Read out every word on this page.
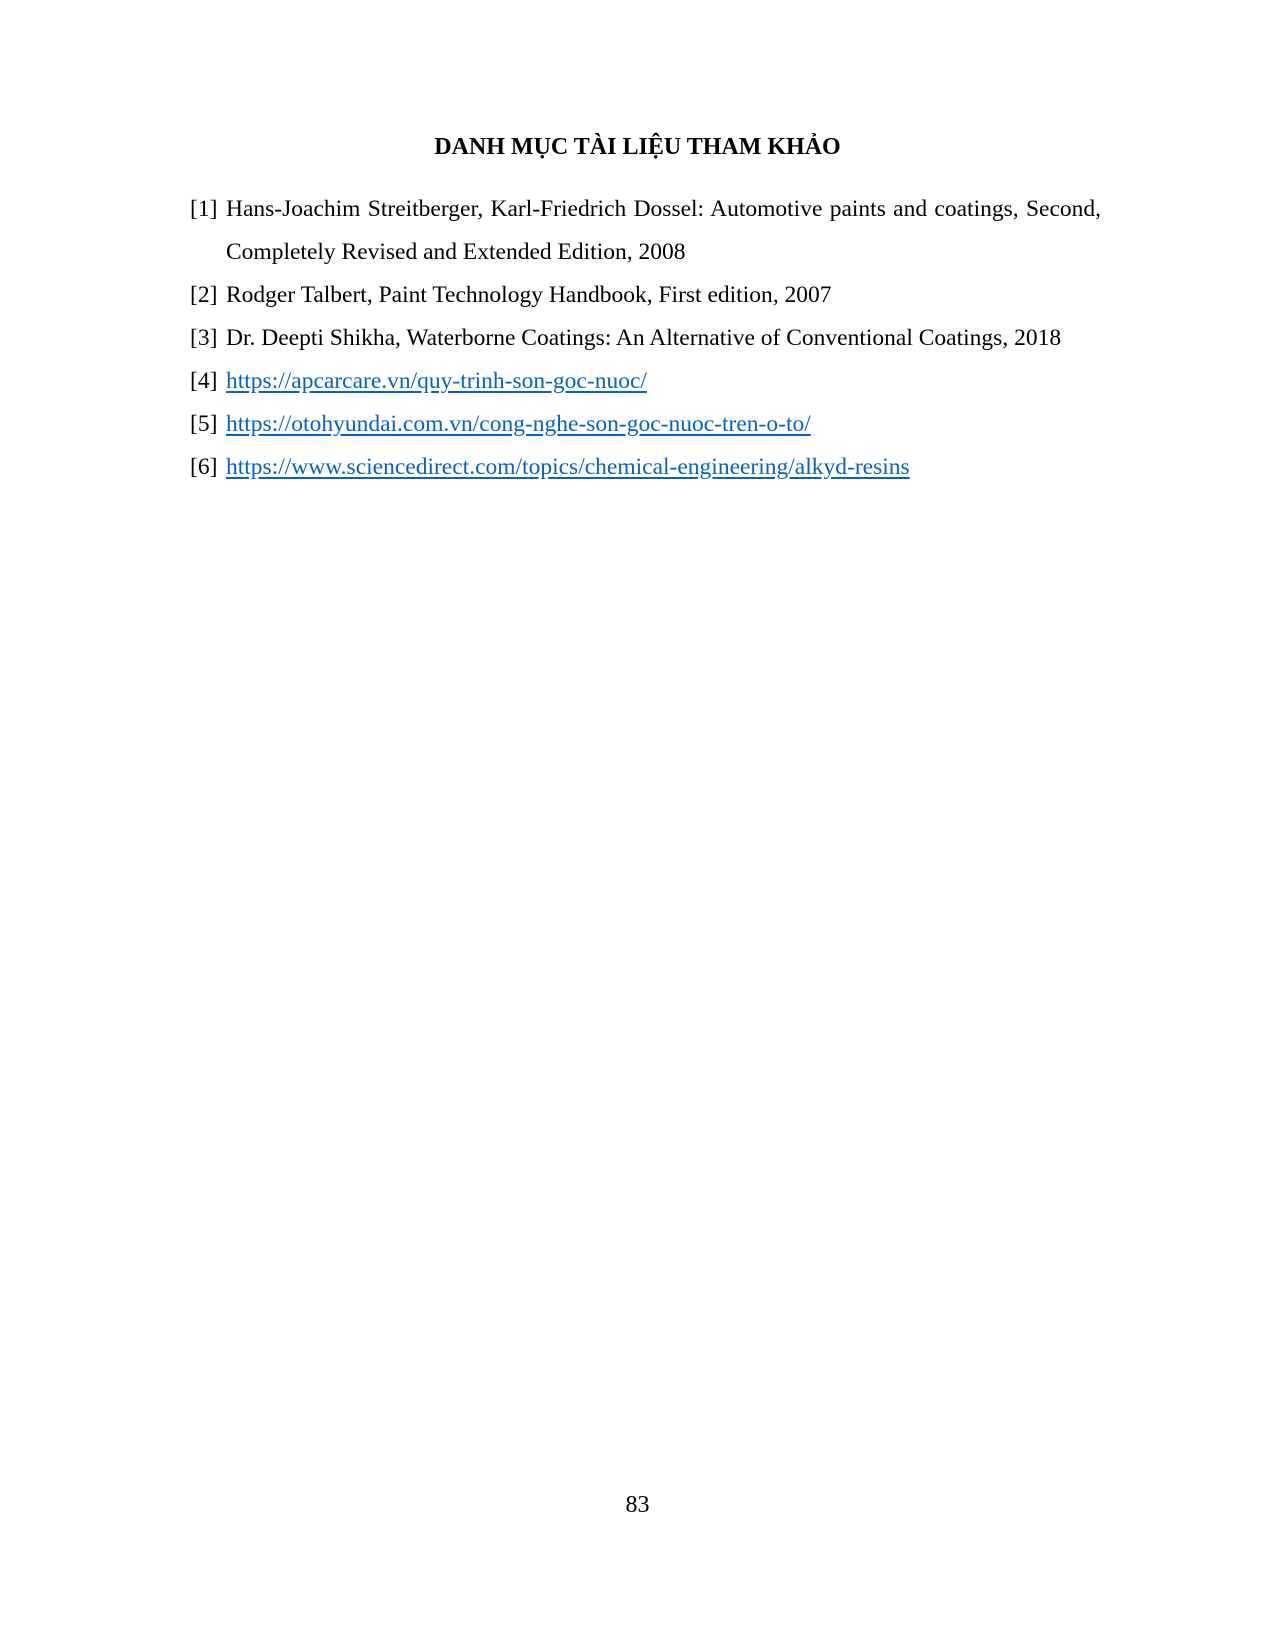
DANH MỤC TÀI LIỆU THAM KHẢO
[1] Hans-Joachim Streitberger, Karl-Friedrich Dossel: Automotive paints and coatings, Second, Completely Revised and Extended Edition, 2008
[2] Rodger Talbert, Paint Technology Handbook, First edition, 2007
[3] Dr. Deepti Shikha, Waterborne Coatings: An Alternative of Conventional Coatings, 2018
[4] https://apcarcare.vn/quy-trinh-son-goc-nuoc/
[5] https://otohyundai.com.vn/cong-nghe-son-goc-nuoc-tren-o-to/
[6] https://www.sciencedirect.com/topics/chemical-engineering/alkyd-resins
83
